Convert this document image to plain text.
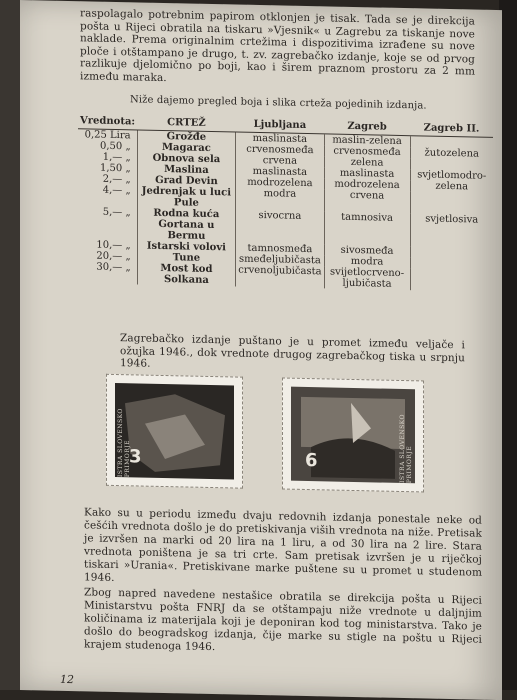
raspolagalo potrebnim papirom otklonjen je tisak. Tada se je direkcija pošta u Rijeci obratila na tiskaru »Vjesnik« u Zagrebu za tiskanje nove naklade. Prema originalnim crtežima i dispozitivima izrađene su nove ploče i otštampano je drugo, t. zv. zagrebačko izdanje, koje se od prvog razlikuje djelomično po boji, kao i širem praznom prostoru za 2 mm između maraka.
Niže dajemo pregled boja i slika crteža pojedinih izdanja.
Vrednota:	CRTEŽ	Ljubljana	Zagreb	Zagreb II.
0,25 Lira	Grožđe	maslinasta	maslin-zelena	
0,50 „	Magarac	crvenosmeđa	crvenosmeđa	žutozelena
1,— „	Obnova sela	crvena	zelena	
1,50 „	Maslina	maslinasta	maslinasta	svjetlomodro-
2,— „	Grad Devin	modrozelena	modrozelena	zelena
4,— „	Jedrenjak u luci Pule	modra	crvena	
5,— „	Rodna kuća Gortana u Bermu	sivocrna	tamnosiva	svjetlosiva
10,— „	Istarski volovi	tamnosmeđa	sivosmeđa	
20,— „	Tune	smeđeljubičasta	modra	
30,— „	Most kod Solkana	crvenoljubičasta	svijetlocrveno-ljubičasta	
Zagrebačko izdanje puštano je u promet između veljače i ožujka 1946., dok vrednote drugog zagrebačkog tiska u srpnju 1946.
ISTRA SLOVENSKO PRIMORJE
3	ISTRA SLOVENSKO PRIMORJE
6
Kako su u periodu između dvaju redovnih izdanja ponestale neke od češćih vrednota došlo je do pretiskivanja viših vrednota na niže. Pretisak je izvršen na marki od 20 lira na 1 liru, a od 30 lira na 2 lire. Stara vrednota poništena je sa tri crte. Sam pretisak izvršen je u riječkoj tiskari »Urania«. Pretiskivane marke puštene su u promet u studenom 1946.
Zbog napred navedene nestašice obratila se direkcija pošta u Rijeci Ministarstvu pošta FNRJ da se otštampaju niže vrednote u daljnjim količinama iz materijala koji je deponiran kod tog ministarstva. Tako je došlo do beogradskog izdanja, čije marke su stigle na poštu u Rijeci krajem studenoga 1946.
12
